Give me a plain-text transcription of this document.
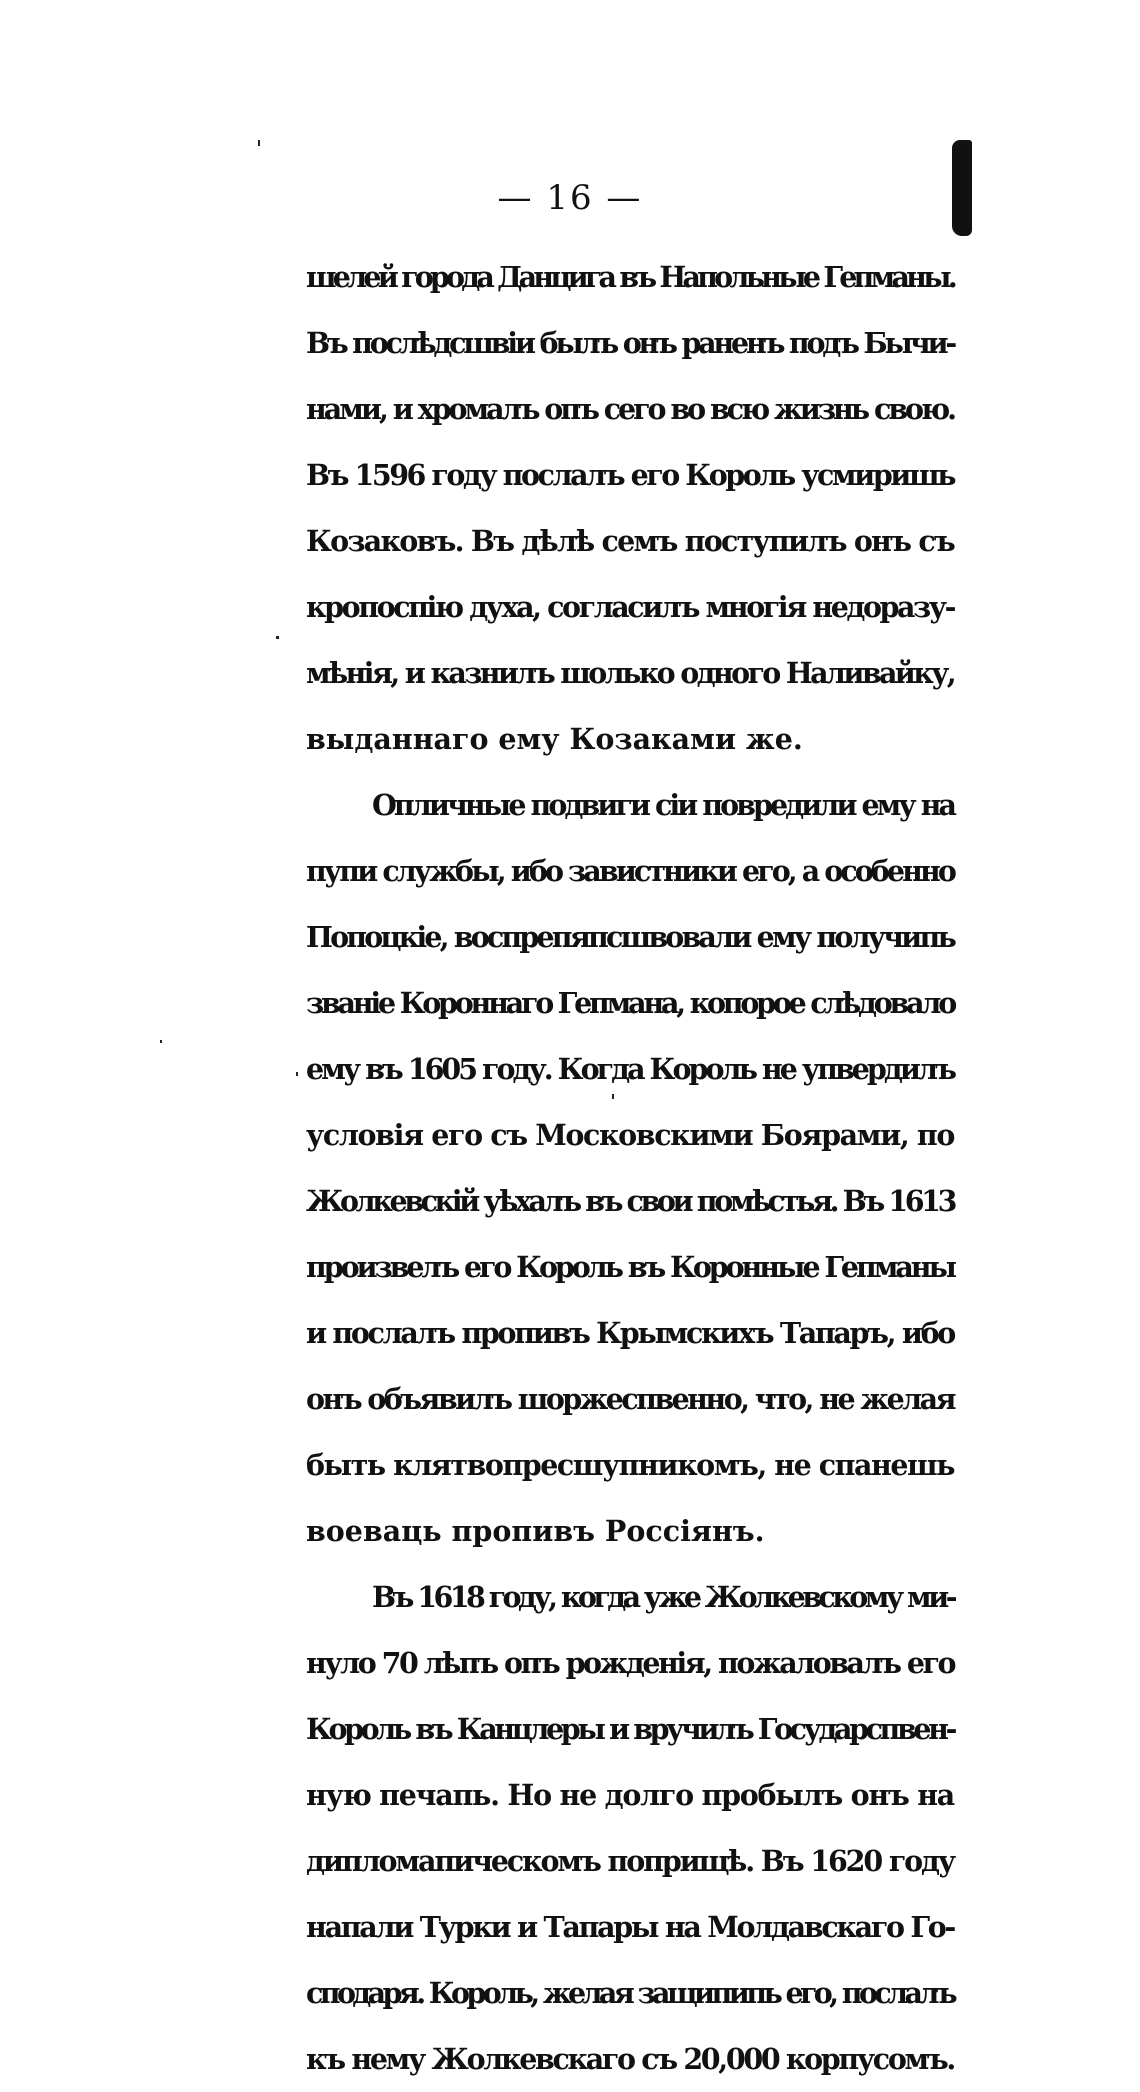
— 16 —
шелей города Данцига въ Напольные Гепманы.
Въ послѣдсшвіи былъ онъ раненъ подъ Бычи-
нами, и хромалъ опъ сего во всю жизнь свою.
Въ 1596 году послалъ его Король усмиришь
Козаковъ. Въ дѣлѣ семъ поступилъ онъ съ
кропоспію духа, согласилъ многія недоразу-
мѣнія, и казнилъ шолько одного Наливайку,
выданнаго ему Козаками же.
Опличные подвиги сіи повредили ему на
пупи службы, ибо завистники его, а особенно
Попоцкіе, воспрепяпсшвовали ему получипь
званіе Короннаго Гепмана, копорое слѣдовало
ему въ 1605 году. Когда Король не упвердилъ
условія его съ Московскими Боярами, по
Жолкевскій уѣхалъ въ свои помѣстья. Въ 1613
произвелъ его Король въ Коронные Гепманы
и послалъ пропивъ Крымскихъ Тапаръ, ибо
онъ объявилъ шоржеспвенно, что, не желая
быть клятвопресшупникомъ, не спанешь
воеваць пропивъ Россіянъ.
Въ 1618 году, когда уже Жолкевскому ми-
нуло 70 лѣпъ опъ рожденія, пожаловалъ его
Король въ Канцлеры и вручилъ Государспвен-
ную печапь. Но не долго пробылъ онъ на
дипломапическомъ поприщѣ. Въ 1620 году
напали Турки и Тапары на Молдавскаго Го-
сподаря. Король, желая защипипь его, послалъ
къ нему Жолкевскаго съ 20,000 корпусомъ.
